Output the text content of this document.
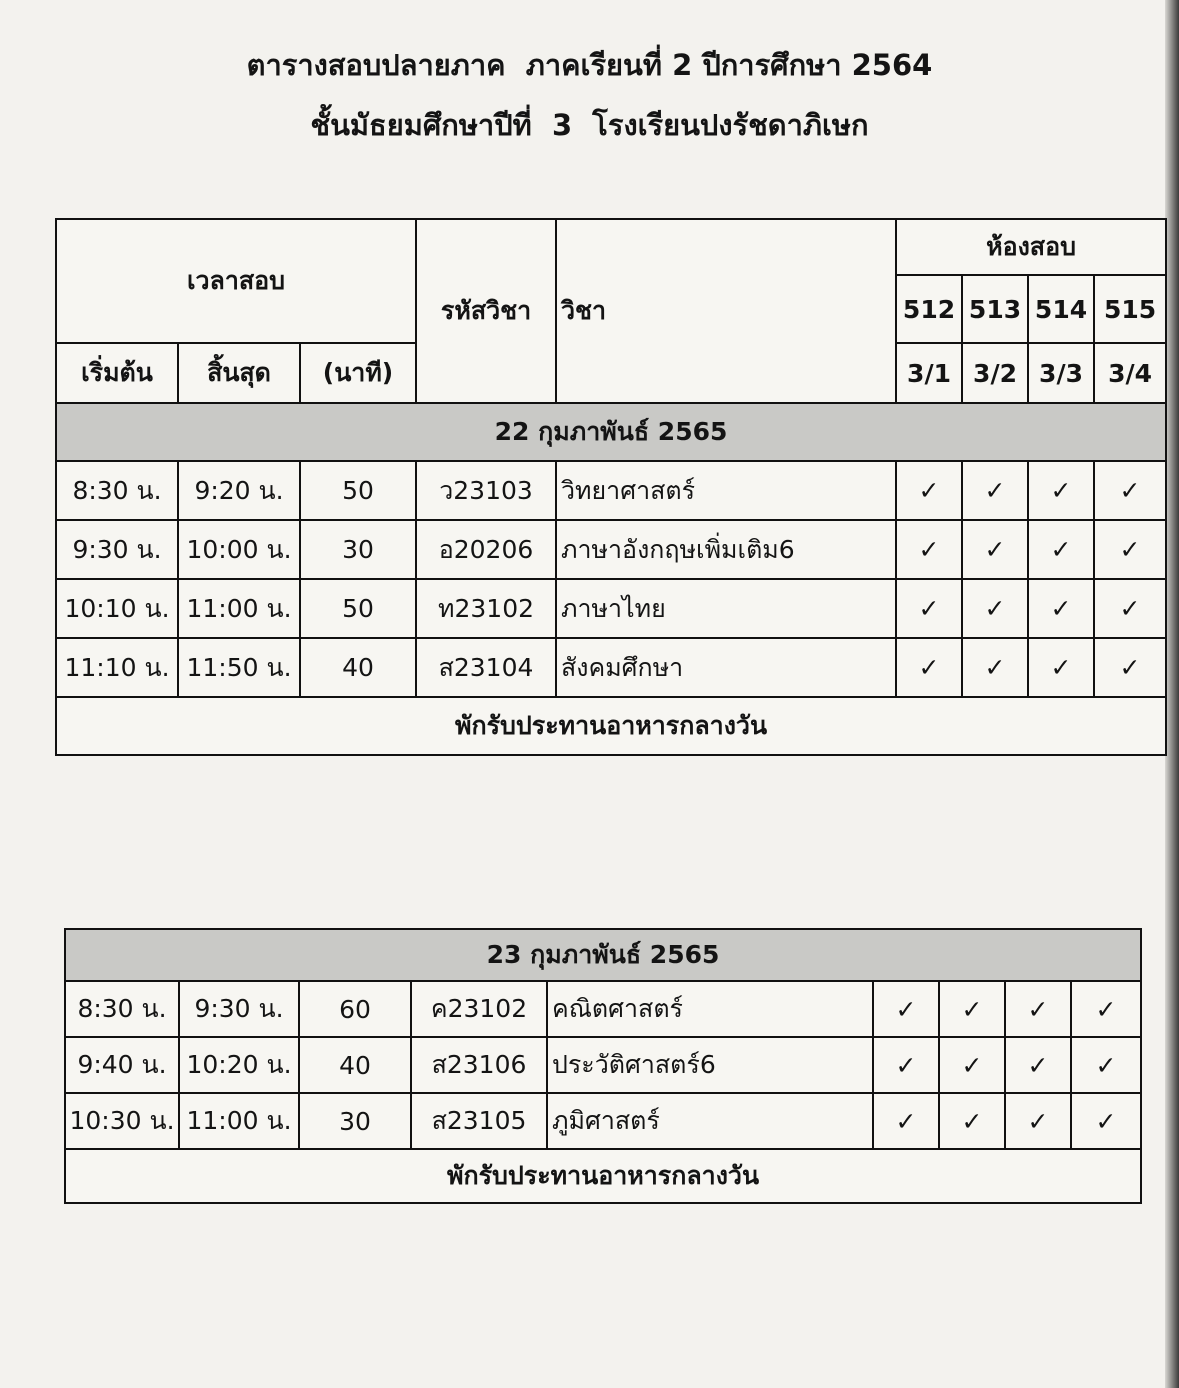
ตารางสอบปลายภาค  ภาคเรียนที่ 2 ปีการศึกษา 2564
ชั้นมัธยมศึกษาปีที่  3  โรงเรียนปงรัชดาภิเษก
เวลาสอบ			รหัสวิชา	วิชา	ห้องสอบ			
					512	513	514	515
เริ่มต้น	สิ้นสุด	(นาที)			3/1	3/2	3/3	3/4
22 กุมภาพันธ์ 2565								
8:30 น.	9:20 น.	50	ว23103	วิทยาศาสตร์	✓	✓	✓	✓
9:30 น.	10:00 น.	30	อ20206	ภาษาอังกฤษเพิ่มเติม6	✓	✓	✓	✓
10:10 น.	11:00 น.	50	ท23102	ภาษาไทย	✓	✓	✓	✓
11:10 น.	11:50 น.	40	ส23104	สังคมศึกษา	✓	✓	✓	✓
พักรับประทานอาหารกลางวัน								
23 กุมภาพันธ์ 2565								
8:30 น.	9:30 น.	60	ค23102	คณิตศาสตร์	✓	✓	✓	✓
9:40 น.	10:20 น.	40	ส23106	ประวัติศาสตร์6	✓	✓	✓	✓
10:30 น.	11:00 น.	30	ส23105	ภูมิศาสตร์	✓	✓	✓	✓
พักรับประทานอาหารกลางวัน								
